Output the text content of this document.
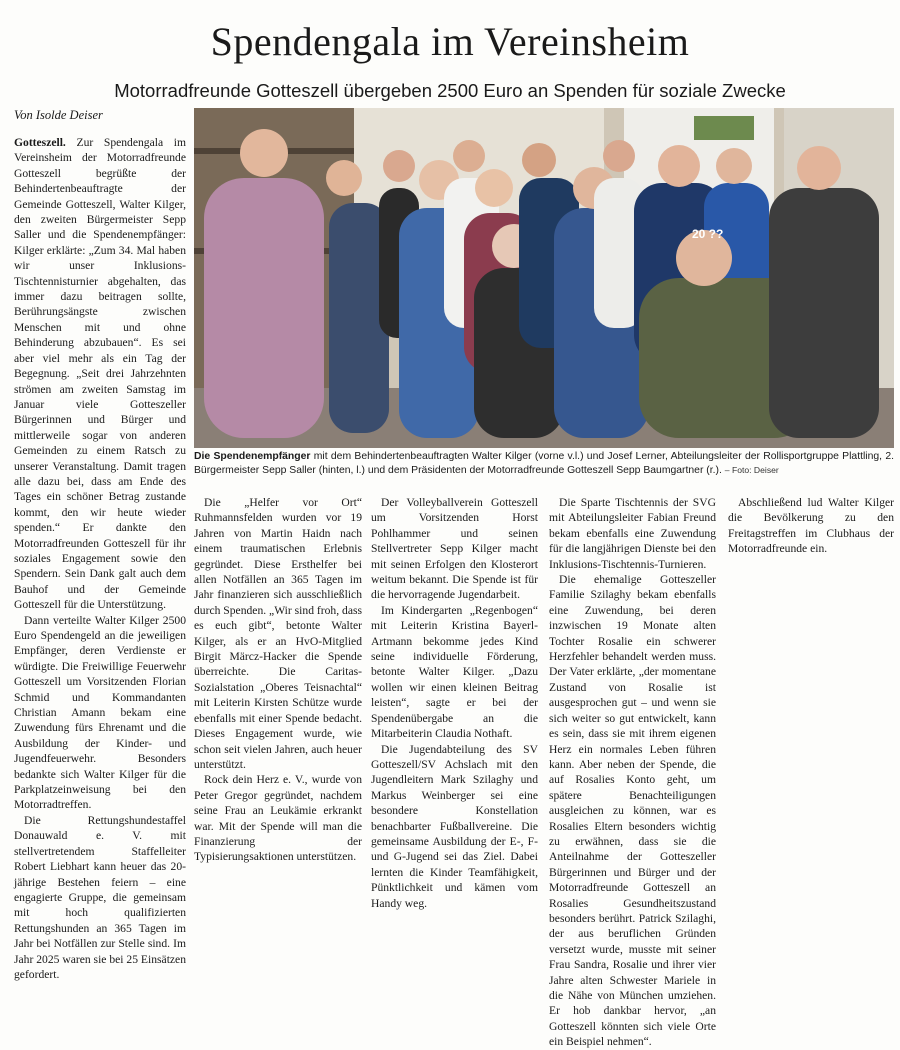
Spendengala im Vereinsheim
Motorradfreunde Gotteszell übergeben 2500 Euro an Spenden für soziale Zwecke
Von Isolde Deiser
20 ??
Die Spendenempfänger mit dem Behindertenbeauftragten Walter Kilger (vorne v.l.) und Josef Lerner, Abteilungsleiter der Rollisportgruppe Plattling, 2. Bürgermeister Sepp Saller (hinten, l.) und dem Präsidenten der Motorradfreunde Gotteszell Sepp Baumgartner (r.). – Foto: Deiser

Gotteszell. Zur Spendengala im Vereinsheim der Motorradfreunde Gotteszell begrüßte der Behindertenbeauftragte der Gemeinde Gotteszell, Walter Kilger, den zweiten Bürgermeister Sepp Saller und die Spendenempfänger: Kilger erklärte: „Zum 34. Mal haben wir unser Inklusions-Tischtennisturnier abgehalten, das immer dazu beitragen sollte, Berührungsängste zwischen Menschen mit und ohne Behinderung abzubauen“. Es sei aber viel mehr als ein Tag der Begegnung. „Seit drei Jahrzehnten strömen am zweiten Samstag im Januar viele Gotteszeller Bürgerinnen und Bürger und mittlerweile sogar von anderen Gemeinden zu einem Ratsch zu unserer Veranstaltung. Damit tragen alle dazu bei, dass am Ende des Tages ein schöner Betrag zustande kommt, den wir heute wieder spenden.“ Er dankte den Motorradfreunden Gotteszell für ihr soziales Engagement sowie den Spendern. Sein Dank galt auch dem Bauhof und der Gemeinde Gotteszell für die Unterstützung.

Dann verteilte Walter Kilger 2500 Euro Spendengeld an die jeweiligen Empfänger, deren Verdienste er würdigte. Die Freiwillige Feuerwehr Gotteszell um Vorsitzenden Florian Schmid und Kommandanten Christian Amann bekam eine Zuwendung fürs Ehrenamt und die Ausbildung der Kinder- und Jugendfeuerwehr. Besonders bedankte sich Walter Kilger für die Parkplatzeinweisung bei den Motorradtreffen.

Die Rettungshundestaffel Donauwald e. V. mit stellvertretendem Staffelleiter Robert Liebhart kann heuer das 20-jährige Bestehen feiern – eine engagierte Gruppe, die gemeinsam mit hoch qualifizierten Rettungshunden an 365 Tagen im Jahr bei Notfällen zur Stelle sind. Im Jahr 2025 waren sie bei 25 Einsätzen gefordert.

Die „Helfer vor Ort“ Ruhmannsfelden wurden vor 19 Jahren von Martin Haidn nach einem traumatischen Erlebnis gegründet. Diese Ersthelfer bei allen Notfällen an 365 Tagen im Jahr finanzieren sich ausschließlich durch Spenden. „Wir sind froh, dass es euch gibt“, betonte Walter Kilger, als er an HvO-Mitglied Birgit Märcz-Hacker die Spende überreichte. Die Caritas-Sozialstation „Oberes Teisnachtal“ mit Leiterin Kirsten Schütze wurde ebenfalls mit einer Spende bedacht. Dieses Engagement wurde, wie schon seit vielen Jahren, auch heuer unterstützt.

Rock dein Herz e. V., wurde von Peter Gregor gegründet, nachdem seine Frau an Leukämie erkrankt war. Mit der Spende will man die Finanzierung der Typisierungsaktionen unterstützen.

Der Volleyballverein Gotteszell um Vorsitzenden Horst Pohlhammer und seinen Stellvertreter Sepp Kilger macht mit seinen Erfolgen den Klosterort weitum bekannt. Die Spende ist für die hervorragende Jugendarbeit.

Im Kindergarten „Regenbogen“ mit Leiterin Kristina Bayerl-Artmann bekomme jedes Kind seine individuelle Förderung, betonte Walter Kilger. „Dazu wollen wir einen kleinen Beitrag leisten“, sagte er bei der Spendenübergabe an die Mitarbeiterin Claudia Nothaft.

Die Jugendabteilung des SV Gotteszell/SV Achslach mit den Jugendleitern Mark Szilaghy und Markus Weinberger sei eine besondere Konstellation benachbarter Fußballvereine. Die gemeinsame Ausbildung der E-, F- und G-Jugend sei das Ziel. Dabei lernten die Kinder Teamfähigkeit, Pünktlichkeit und kämen vom Handy weg.

Die Sparte Tischtennis der SVG mit Abteilungsleiter Fabian Freund bekam ebenfalls eine Zuwendung für die langjährigen Dienste bei den Inklusions-Tischtennis-Turnieren.

Die ehemalige Gotteszeller Familie Szilaghy bekam ebenfalls eine Zuwendung, bei deren inzwischen 19 Monate alten Tochter Rosalie ein schwerer Herzfehler behandelt werden muss. Der Vater erklärte, „der momentane Zustand von Rosalie ist ausgesprochen gut – und wenn sie sich weiter so gut entwickelt, kann es sein, dass sie mit ihrem eigenen Herz ein normales Leben führen kann. Aber neben der Spende, die auf Rosalies Konto geht, um spätere Benachteiligungen ausgleichen zu können, war es Rosalies Eltern besonders wichtig zu erwähnen, dass sie die Anteilnahme der Gotteszeller Bürgerinnen und Bürger und der Motorradfreunde Gotteszell an Rosalies Gesundheitszustand besonders berührt. Patrick Szilaghi, der aus beruflichen Gründen versetzt wurde, musste mit seiner Frau Sandra, Rosalie und ihrer vier Jahre alten Schwester Mariele in die Nähe von München umziehen. Er hob dankbar hervor, „an Gotteszell könnten sich viele Orte ein Beispiel nehmen“.

Abschließend lud Walter Kilger die Bevölkerung zu den Freitagstreffen im Clubhaus der Motorradfreunde ein.
